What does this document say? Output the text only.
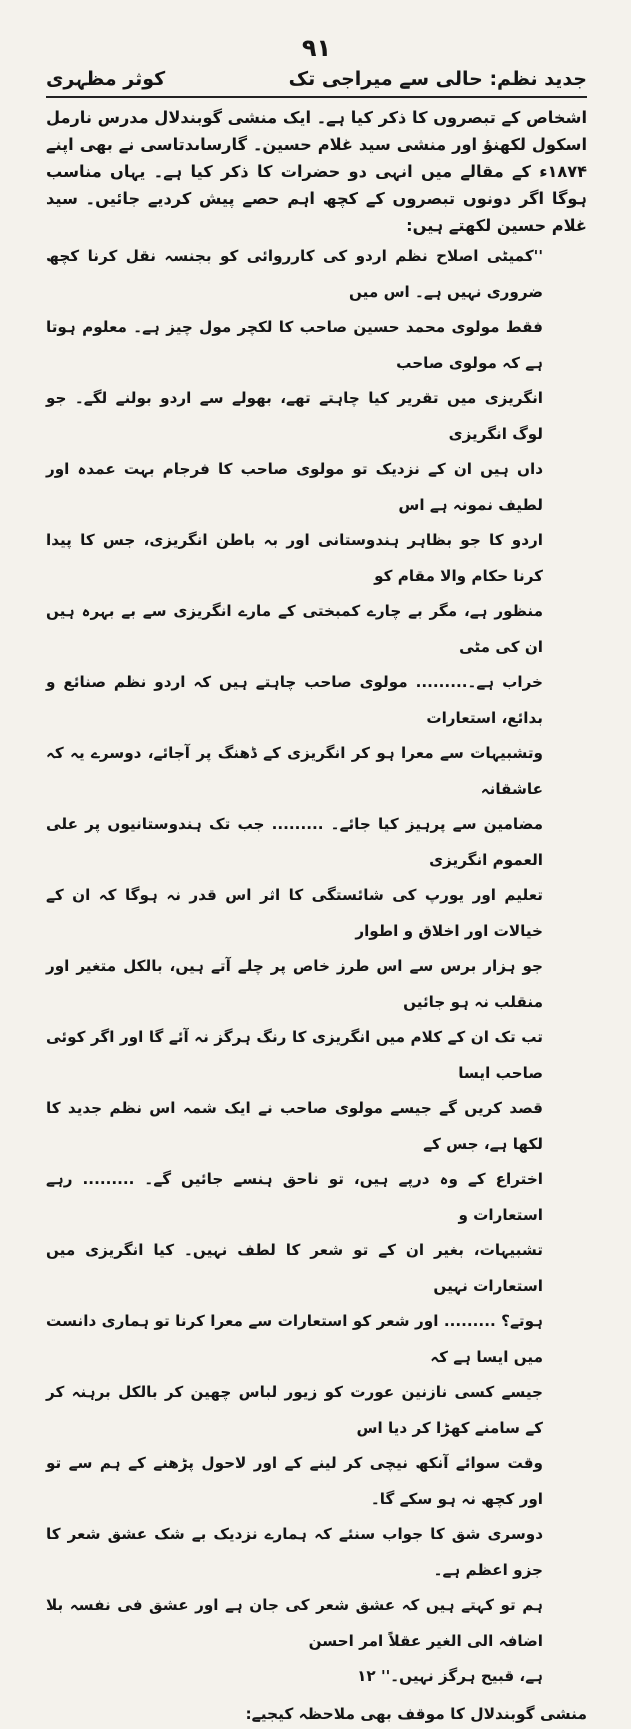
جدید نظم: حالی سے میراجی تک
۹۱
کوثر مظہری

اشخاص کے تبصروں کا ذکر کیا ہے۔ ایک منشی گوبندلال مدرس نارمل اسکول لکھنؤ اور منشی سید غلام حسین۔ گارساںدتاسی نے بھی اپنے ۱۸۷۴ء کے مقالے میں انہی دو حضرات کا ذکر کیا ہے۔ یہاں مناسب ہوگا اگر دونوں تبصروں کے کچھ اہم حصے پیش کردیے جائیں۔ سید غلام حسین لکھتے ہیں:

''کمیٹی اصلاح نظم اردو کی کارروائی کو بجنسہ نقل کرنا کچھ ضروری نہیں ہے۔ اس میں
فقط مولوی محمد حسین صاحب کا لکچر مول چیز ہے۔ معلوم ہوتا ہے کہ مولوی صاحب
انگریزی میں تقریر کیا چاہتے تھے، بھولے سے اردو بولنے لگے۔ جو لوگ انگریزی
داں ہیں ان کے نزدیک تو مولوی صاحب کا فرجام بہت عمدہ اور لطیف نمونہ ہے اس
اردو کا جو بظاہر ہندوستانی اور بہ باطن انگریزی، جس کا پیدا کرنا حکام والا مقام کو
منظور ہے، مگر بے چارے کمبختی کے مارے انگریزی سے بے بہرہ ہیں ان کی مٹی
خراب ہے۔......... مولوی صاحب چاہتے ہیں کہ اردو نظم صنائع و بدائع، استعارات
وتشبیہات سے معرا ہو کر انگریزی کے ڈھنگ پر آجائے، دوسرے یہ کہ عاشقانہ
مضامین سے پرہیز کیا جائے۔ ......... جب تک ہندوستانیوں پر علی العموم انگریزی
تعلیم اور یورپ کی شائستگی کا اثر اس قدر نہ ہوگا کہ ان کے خیالات اور اخلاق و اطوار
جو ہزار برس سے اس طرز خاص پر چلے آتے ہیں، بالکل متغیر اور منقلب نہ ہو جائیں
تب تک ان کے کلام میں انگریزی کا رنگ ہرگز نہ آئے گا اور اگر کوئی صاحب ایسا
قصد کریں گے جیسے مولوی صاحب نے ایک شمہ اس نظم جدید کا لکھا ہے، جس کے
اختراع کے وہ درپے ہیں، تو ناحق ہنسے جائیں گے۔ ......... رہے استعارات و
تشبیہات، بغیر ان کے تو شعر کا لطف نہیں۔ کیا انگریزی میں استعارات نہیں
ہوتے؟ ......... اور شعر کو استعارات سے معرا کرنا تو ہماری دانست میں ایسا ہے کہ
جیسے کسی نازنین عورت کو زیور لباس چھین کر بالکل برہنہ کر کے سامنے کھڑا کر دیا اس
وقت سوائے آنکھ نیچی کر لینے کے اور لاحول پڑھنے کے ہم سے تو اور کچھ نہ ہو سکے گا۔
دوسری شق کا جواب سنئے کہ ہمارے نزدیک بے شک عشق شعر کا جزو اعظم ہے۔
ہم تو کہتے ہیں کہ عشق شعر کی جان ہے اور عشق فی نفسہ بلا اضافہ الی الغیر عقلاً امر احسن
ہے، قبیح ہرگز نہیں۔'' ۱۲

منشی گوبندلال کا موقف بھی ملاحظہ کیجیے:
